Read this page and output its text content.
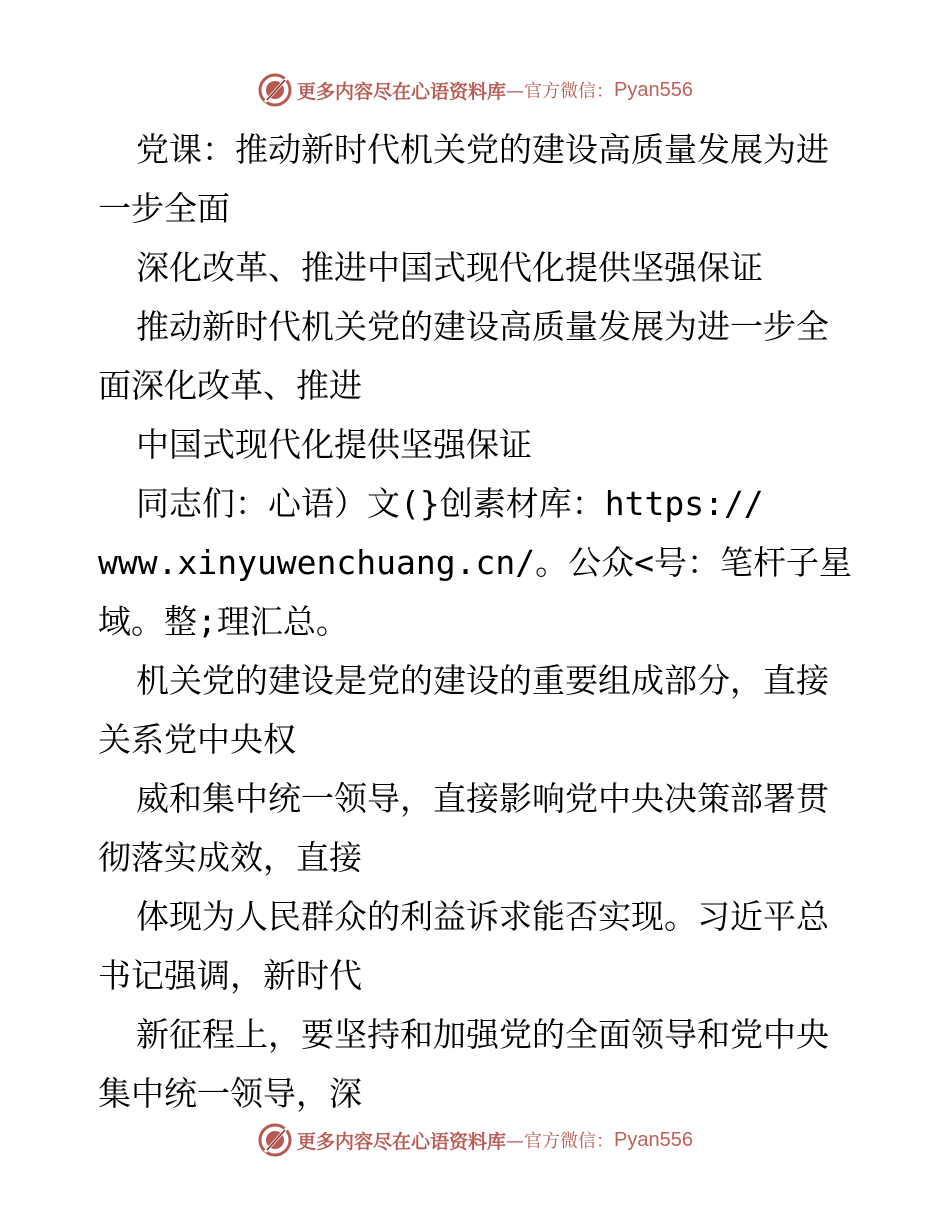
更多内容尽在心语资料库 —官方微信： Pyan556
党课：推动新时代机关党的建设高质量发展为进
一步全面
深化改革、推进中国式现代化提供坚强保证
推动新时代机关党的建设高质量发展为进一步全
面深化改革、推进
中国式现代化提供坚强保证
同志们：心语）文(}创素材库：https://
www.xinyuwenchuang.cn/。公众<号：笔杆子星
域。整;理汇总。
机关党的建设是党的建设的重要组成部分，直接
关系党中央权
威和集中统一领导，直接影响党中央决策部署贯
彻落实成效，直接
体现为人民群众的利益诉求能否实现。习近平总
书记强调，新时代
新征程上，要坚持和加强党的全面领导和党中央
集中统一领导，深
更多内容尽在心语资料库 —官方微信： Pyan556
